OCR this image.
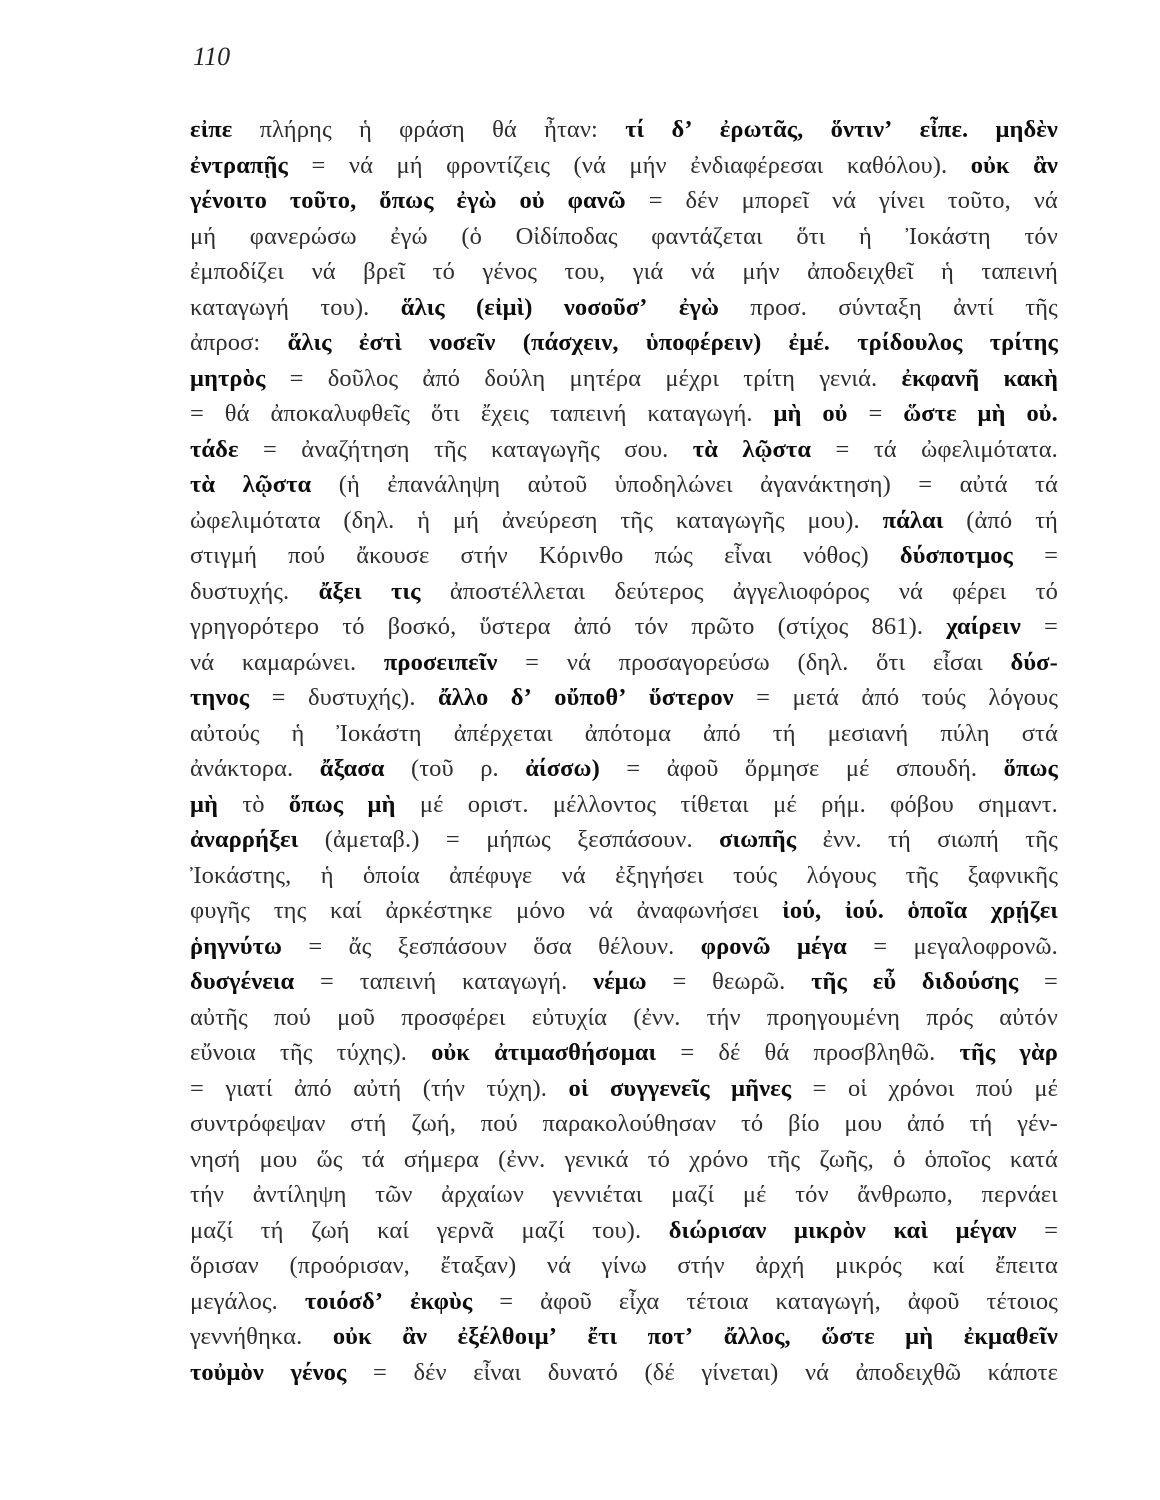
110
εἰπε πλήρης ἡ φράση θά ἦταν: τί δ’ ἐρωτᾶς, ὅντιν’ εἶπε. μηδὲν
ἐντραπῇς = νά μή φροντίζεις (νά μήν ἐνδιαφέρεσαι καθόλου). οὐκ ἂν
γένοιτο τοῦτο, ὅπως ἐγὼ οὐ φανῶ = δέν μπορεῖ νά γίνει τοῦτο, νά
μή φανερώσω ἐγώ (ὁ Οἰδίποδας φαντάζεται ὅτι ἡ Ἰοκάστη τόν
ἐμποδίζει νά βρεῖ τό γένος του, γιά νά μήν ἀποδειχθεῖ ἡ ταπεινή
καταγωγή του). ἅλις (εἰμὶ) νοσοῦσ’ ἐγὼ προσ. σύνταξη ἀντί τῆς
ἀπροσ: ἅλις ἐστὶ νοσεῖν (πάσχειν, ὑποφέρειν) ἐμέ. τρίδουλος τρίτης
μητρὸς = δοῦλος ἀπό δούλη μητέρα μέχρι τρίτη γενιά. ἐκφανῆ κακὴ
= θά ἀποκαλυφθεῖς ὅτι ἔχεις ταπεινή καταγωγή. μὴ οὐ = ὥστε μὴ οὐ.
τάδε = ἀναζήτηση τῆς καταγωγῆς σου. τὰ λῷστα = τά ὠφελιμότατα.
τὰ λῷστα (ἡ ἐπανάληψη αὐτοῦ ὑποδηλώνει ἀγανάκτηση) = αὐτά τά
ὠφελιμότατα (δηλ. ἡ μή ἀνεύρεση τῆς καταγωγῆς μου). πάλαι (ἀπό τή
στιγμή πού ἄκουσε στήν Κόρινθο πώς εἶναι νόθος) δύσποτμος =
δυστυχής. ἄξει τις ἀποστέλλεται δεύτερος ἀγγελιοφόρος νά φέρει τό
γρηγορότερο τό βοσκό, ὕστερα ἀπό τόν πρῶτο (στίχος 861). χαίρειν =
νά καμαρώνει. προσειπεῖν = νά προσαγορεύσω (δηλ. ὅτι εἶσαι δύσ-
τηνος = δυστυχής). ἄλλο δ’ οὔποθ’ ὕστερον = μετά ἀπό τούς λόγους
αὐτούς ἡ Ἰοκάστη ἀπέρχεται ἀπότομα ἀπό τή μεσιανή πύλη στά
ἀνάκτορα. ἄξασα (τοῦ ρ. ἀίσσω) = ἀφοῦ ὅρμησε μέ σπουδή. ὅπως
μὴ τὸ ὅπως μὴ μέ οριστ. μέλλοντος τίθεται μέ ρήμ. φόβου σημαντ.
ἀναρρήξει (ἀμεταβ.) = μήπως ξεσπάσουν. σιωπῆς ἐνν. τή σιωπή τῆς
Ἰοκάστης, ἡ ὁποία ἀπέφυγε νά ἐξηγήσει τούς λόγους τῆς ξαφνικῆς
φυγῆς της καί ἀρκέστηκε μόνο νά ἀναφωνήσει ἰού, ἰού. ὁποῖα χρῄζει
ῥηγνύτω = ἄς ξεσπάσουν ὅσα θέλουν. φρονῶ μέγα = μεγαλοφρονῶ.
δυσγένεια = ταπεινή καταγωγή. νέμω = θεωρῶ. τῆς εὖ διδούσης =
αὐτῆς πού μοῦ προσφέρει εὐτυχία (ἐνν. τήν προηγουμένη πρός αὐτόν
εὔνοια τῆς τύχης). οὐκ ἀτιμασθήσομαι = δέ θά προσβληθῶ. τῆς γὰρ
= γιατί ἀπό αὐτή (τήν τύχη). οἱ συγγενεῖς μῆνες = οἱ χρόνοι πού μέ
συντρόφεψαν στή ζωή, πού παρακολούθησαν τό βίο μου ἀπό τή γέν-
νησή μου ὥς τά σήμερα (ἐνν. γενικά τό χρόνο τῆς ζωῆς, ὁ ὁποῖος κατά
τήν ἀντίληψη τῶν ἀρχαίων γεννιέται μαζί μέ τόν ἄνθρωπο, περνάει
μαζί τή ζωή καί γερνᾶ μαζί του). διώρισαν μικρὸν καὶ μέγαν =
ὅρισαν (προόρισαν, ἔταξαν) νά γίνω στήν ἀρχή μικρός καί ἔπειτα
μεγάλος. τοιόσδ’ ἐκφὺς = ἀφοῦ εἶχα τέτοια καταγωγή, ἀφοῦ τέτοιος
γεννήθηκα. οὐκ ἂν ἐξέλθοιμ’ ἔτι ποτ’ ἄλλος, ὥστε μὴ ἐκμαθεῖν
τοὐμὸν γένος = δέν εἶναι δυνατό (δέ γίνεται) νά ἀποδειχθῶ κάποτε
